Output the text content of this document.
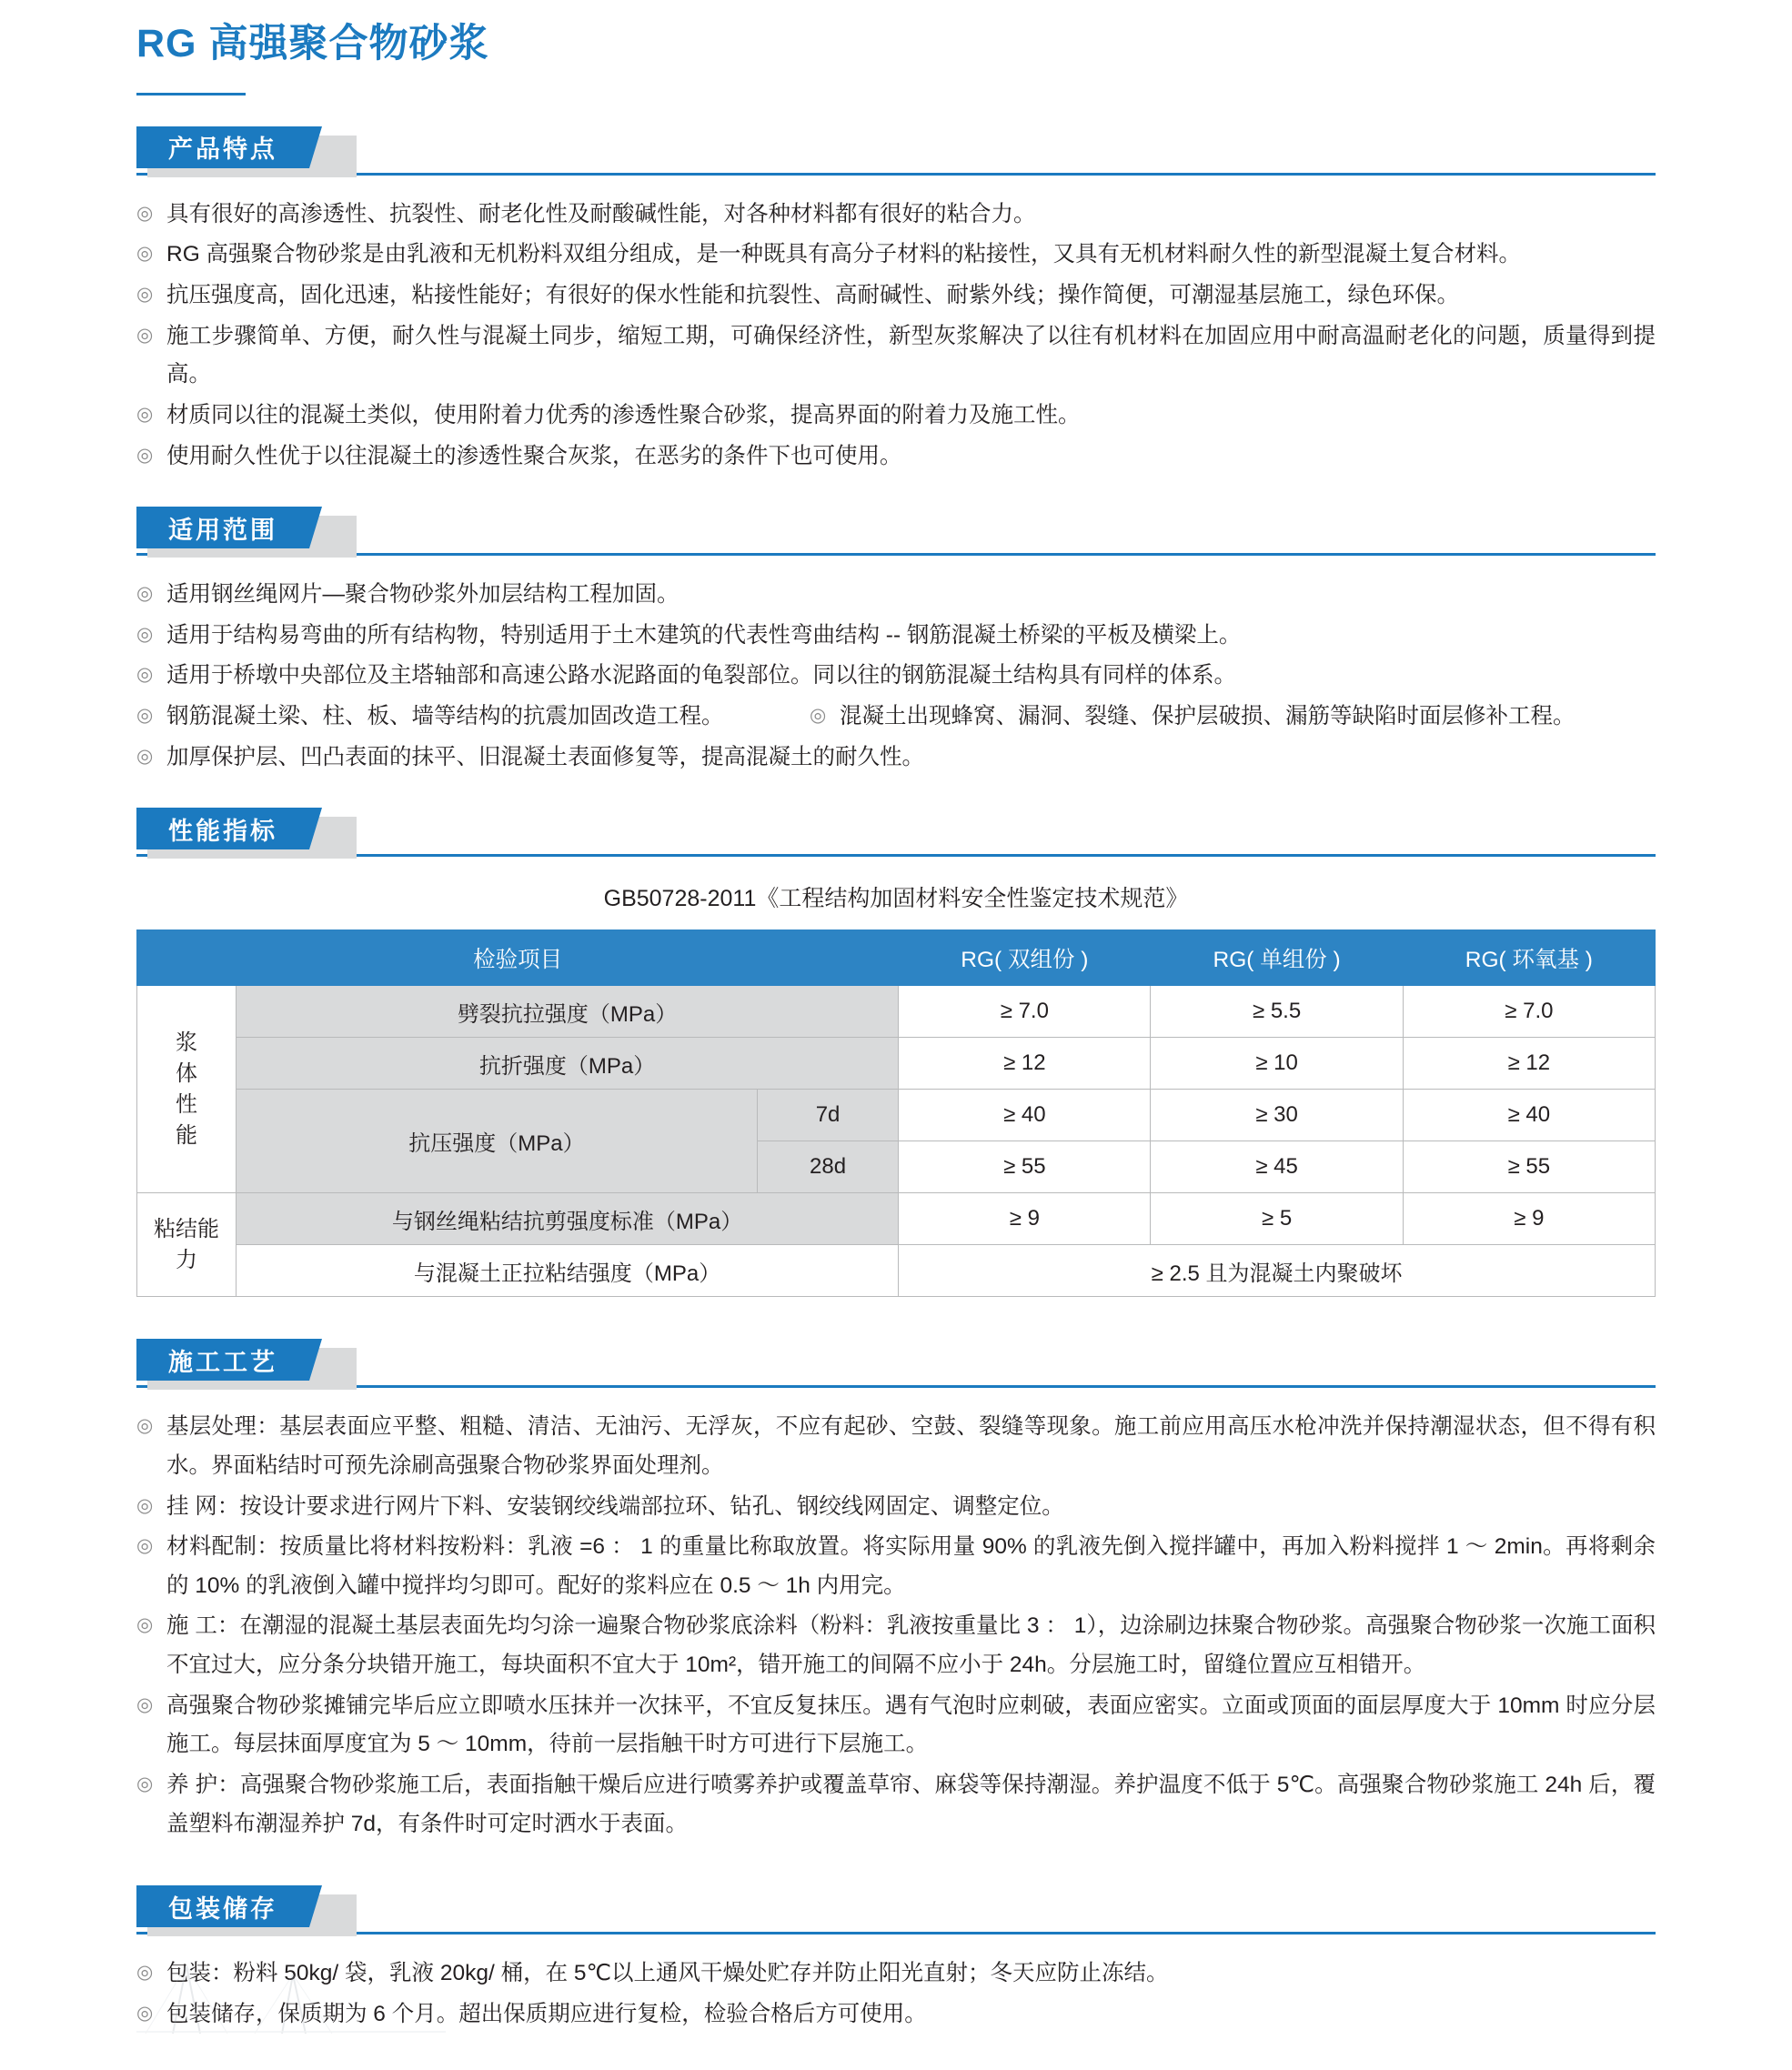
RG 高强聚合物砂浆
产品特点
◎ 具有很好的高渗透性、抗裂性、耐老化性及耐酸碱性能，对各种材料都有很好的粘合力。
◎ RG 高强聚合物砂浆是由乳液和无机粉料双组分组成，是一种既具有高分子材料的粘接性，又具有无机材料耐久性的新型混凝土复合材料。
◎ 抗压强度高，固化迅速，粘接性能好；有很好的保水性能和抗裂性、高耐碱性、耐紫外线；操作简便，可潮湿基层施工，绿色环保。
◎ 施工步骤简单、方便，耐久性与混凝土同步，缩短工期，可确保经济性，新型灰浆解决了以往有机材料在加固应用中耐高温耐老化的问题，质量得到提高。
◎ 材质同以往的混凝土类似，使用附着力优秀的渗透性聚合砂浆，提高界面的附着力及施工性。
◎ 使用耐久性优于以往混凝土的渗透性聚合灰浆，在恶劣的条件下也可使用。
适用范围
◎ 适用钢丝绳网片—聚合物砂浆外加层结构工程加固。
◎ 适用于结构易弯曲的所有结构物，特别适用于土木建筑的代表性弯曲结构 -- 钢筋混凝土桥梁的平板及横梁上。
◎ 适用于桥墩中央部位及主塔轴部和高速公路水泥路面的龟裂部位。同以往的钢筋混凝土结构具有同样的体系。
◎ 钢筋混凝土梁、柱、板、墙等结构的抗震加固改造工程。	◎ 混凝土出现蜂窝、漏洞、裂缝、保护层破损、漏筋等缺陷时面层修补工程。
◎ 加厚保护层、凹凸表面的抹平、旧混凝土表面修复等，提高混凝土的耐久性。
性能指标
GB50728-2011《工程结构加固材料安全性鉴定技术规范》
检验项目			RG( 双组份 )	RG( 单组份 )	RG( 环氧基 )

浆
体
性
能	劈裂抗拉强度（MPa）		≥ 7.0	≥ 5.5	≥ 7.0
	抗折强度（MPa）		≥ 12	≥ 10	≥ 12
	抗压强度（MPa）	7d	≥ 40	≥ 30	≥ 40
		28d	≥ 55	≥ 45	≥ 55

粘结能
力	与钢丝绳粘结抗剪强度标准（MPa）		≥ 9	≥ 5	≥ 9
	与混凝土正拉粘结强度（MPa）		≥ 2.5 且为混凝土内聚破坏		
施工工艺
◎ 基层处理：基层表面应平整、粗糙、清洁、无油污、无浮灰，不应有起砂、空鼓、裂缝等现象。施工前应用高压水枪冲洗并保持潮湿状态，但不得有积水。界面粘结时可预先涂刷高强聚合物砂浆界面处理剂。
◎ 挂 网：按设计要求进行网片下料、安装钢绞线端部拉环、钻孔、钢绞线网固定、调整定位。
◎ 材料配制：按质量比将材料按粉料：乳液 =6 ： 1 的重量比称取放置。将实际用量 90% 的乳液先倒入搅拌罐中，再加入粉料搅拌 1 ～ 2min。再将剩余的 10% 的乳液倒入罐中搅拌均匀即可。配好的浆料应在 0.5 ～ 1h 内用完。
◎ 施 工：在潮湿的混凝土基层表面先均匀涂一遍聚合物砂浆底涂料（粉料：乳液按重量比 3 ： 1），边涂刷边抹聚合物砂浆。高强聚合物砂浆一次施工面积不宜过大，应分条分块错开施工，每块面积不宜大于 10m²，错开施工的间隔不应小于 24h。分层施工时，留缝位置应互相错开。
◎ 高强聚合物砂浆摊铺完毕后应立即喷水压抹并一次抹平，不宜反复抹压。遇有气泡时应刺破，表面应密实。立面或顶面的面层厚度大于 10mm 时应分层施工。每层抹面厚度宜为 5 ～ 10mm，待前一层指触干时方可进行下层施工。
◎ 养 护：高强聚合物砂浆施工后，表面指触干燥后应进行喷雾养护或覆盖草帘、麻袋等保持潮湿。养护温度不低于 5℃。高强聚合物砂浆施工 24h 后，覆盖塑料布潮湿养护 7d，有条件时可定时洒水于表面。
包装储存
◎ 包装：粉料 50kg/ 袋，乳液 20kg/ 桶，在 5℃以上通风干燥处贮存并防止阳光直射；冬天应防止冻结。
◎ 包装储存，保质期为 6 个月。超出保质期应进行复检，检验合格后方可使用。
